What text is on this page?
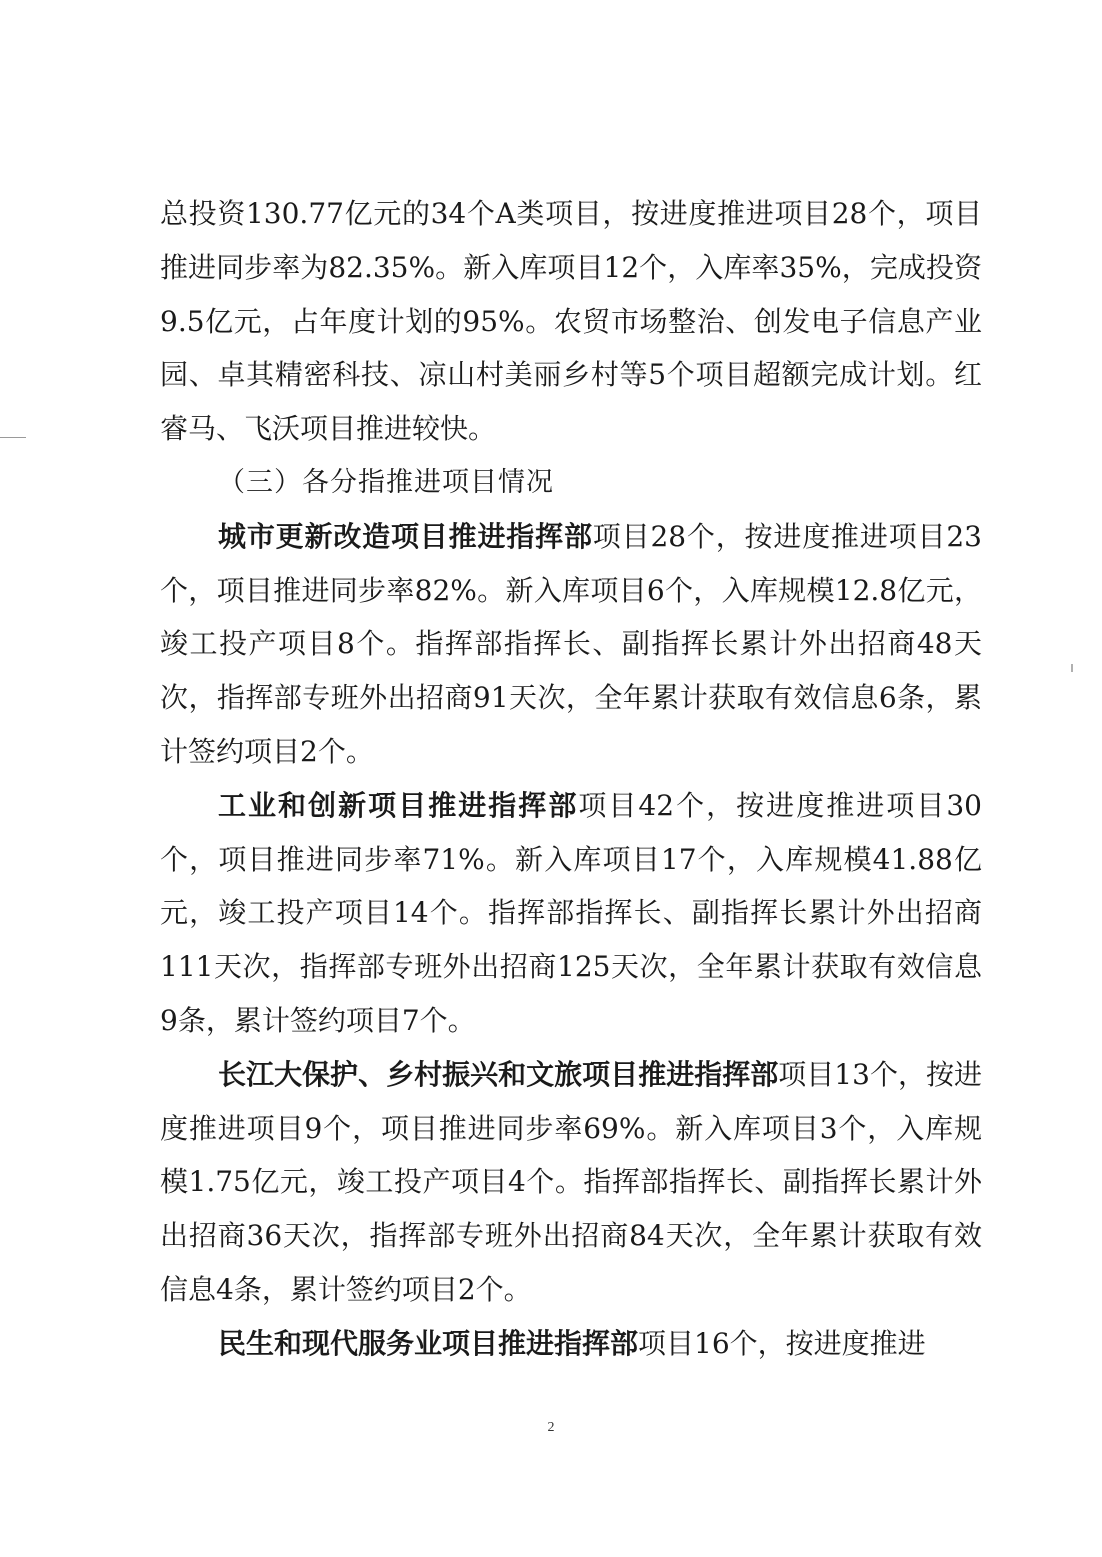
总投资130.77亿元的34个A类项目，按进度推进项目28个，项目推进同步率为82.35%。新入库项目12个，入库率35%，完成投资9.5亿元，占年度计划的95%。农贸市场整治、创发电子信息产业园、卓其精密科技、凉山村美丽乡村等5个项目超额完成计划。红睿马、飞沃项目推进较快。

（三）各分指推进项目情况

城市更新改造项目推进指挥部项目28个，按进度推进项目23个，项目推进同步率82%。新入库项目6个，入库规模12.8亿元，竣工投产项目8个。指挥部指挥长、副指挥长累计外出招商48天次，指挥部专班外出招商91天次，全年累计获取有效信息6条，累计签约项目2个。

工业和创新项目推进指挥部项目42个，按进度推进项目30个，项目推进同步率71%。新入库项目17个，入库规模41.88亿元，竣工投产项目14个。指挥部指挥长、副指挥长累计外出招商111天次，指挥部专班外出招商125天次，全年累计获取有效信息9条，累计签约项目7个。

长江大保护、乡村振兴和文旅项目推进指挥部项目13个，按进度推进项目9个，项目推进同步率69%。新入库项目3个，入库规模1.75亿元，竣工投产项目4个。指挥部指挥长、副指挥长累计外出招商36天次，指挥部专班外出招商84天次，全年累计获取有效信息4条，累计签约项目2个。

民生和现代服务业项目推进指挥部项目16个，按进度推进

2
